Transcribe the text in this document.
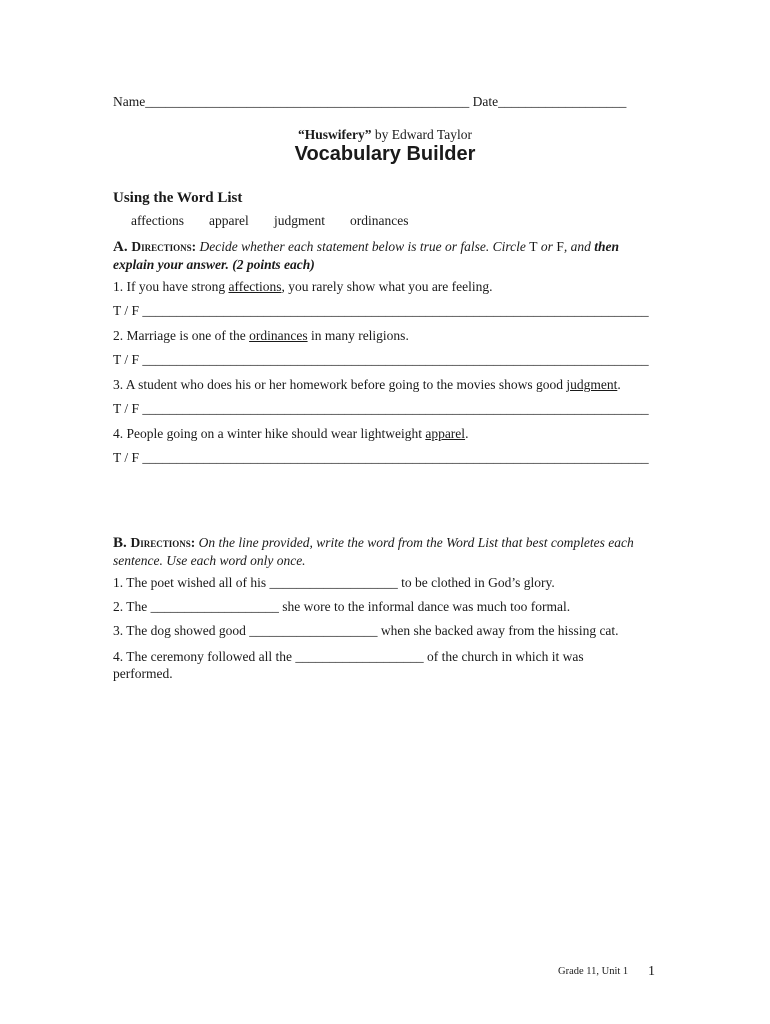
Name________________________________________________ Date___________________
“Huswifery” by Edward Taylor
Vocabulary Builder
Using the Word List
affections apparel judgment ordinances
A. Directions: Decide whether each statement below is true or false. Circle T or F, and then explain your answer. (2 points each)
1. If you have strong affections, you rarely show what you are feeling.
T / F ___________________________________________________________________________
2. Marriage is one of the ordinances in many religions.
T / F ___________________________________________________________________________
3. A student who does his or her homework before going to the movies shows good judgment.
T / F ___________________________________________________________________________
4. People going on a winter hike should wear lightweight apparel.
T / F ___________________________________________________________________________
B. Directions: On the line provided, write the word from the Word List that best completes each sentence. Use each word only once.
1. The poet wished all of his ___________________ to be clothed in God’s glory.
2. The ___________________ she wore to the informal dance was much too formal.
3. The dog showed good ___________________ when she backed away from the hissing cat.
4. The ceremony followed all the ___________________ of the church in which it was performed.
Grade 11, Unit 1 1
